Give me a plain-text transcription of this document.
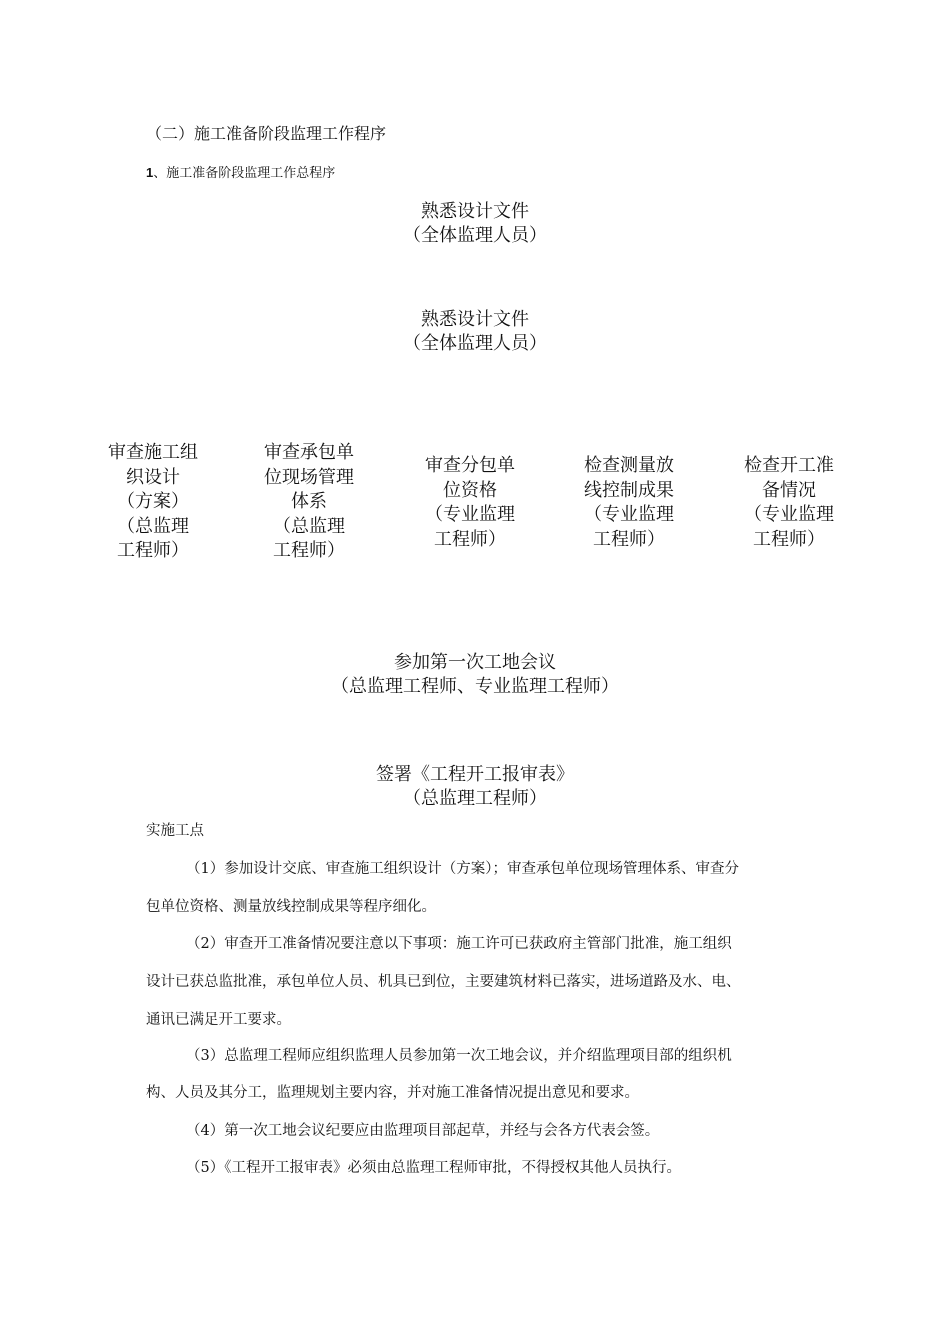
（二）施工准备阶段监理工作程序
1、施工准备阶段监理工作总程序
熟悉设计文件
（全体监理人员）
熟悉设计文件
（全体监理人员）
审查施工组
织设计
（方案）
（总监理
工程师）
审查承包单
位现场管理
体系
（总监理
工程师）
审查分包单
位资格
（专业监理
工程师）
检查测量放
线控制成果
（专业监理
工程师）
检查开工准
备情况
（专业监理
工程师）
参加第一次工地会议
（总监理工程师、专业监理工程师）
签署《工程开工报审表》
（总监理工程师）
实施工点
（1）参加设计交底、审查施工组织设计（方案）；审查承包单位现场管理体系、审查分
包单位资格、测量放线控制成果等程序细化。
（2）审查开工准备情况要注意以下事项：施工许可已获政府主管部门批准，施工组织
设计已获总监批准，承包单位人员、机具已到位，主要建筑材料已落实，进场道路及水、电、
通讯已满足开工要求。
（3）总监理工程师应组织监理人员参加第一次工地会议，并介绍监理项目部的组织机
构、人员及其分工，监理规划主要内容，并对施工准备情况提出意见和要求。
（4）第一次工地会议纪要应由监理项目部起草，并经与会各方代表会签。
（5）《工程开工报审表》必须由总监理工程师审批，不得授权其他人员执行。
